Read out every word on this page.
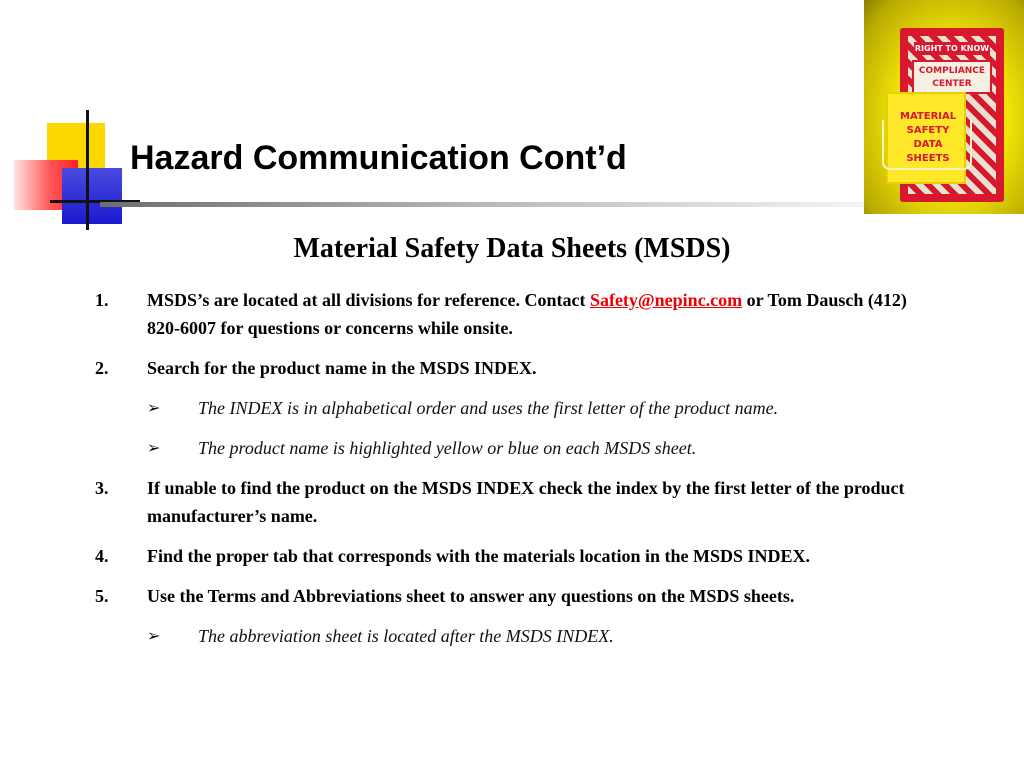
Hazard Communication Cont’d
RIGHT TO KNOW
COMPLIANCE CENTER
MATERIAL SAFETY DATA SHEETS
Material Safety Data Sheets (MSDS)
1. MSDS’s are located at all divisions for reference. Contact Safety@nepinc.com or Tom Dausch (412) 820-6007 for questions or concerns while onsite.
2. Search for the product name in the MSDS INDEX.
➢ The INDEX is in alphabetical order and uses the first letter of the product name.
➢ The product name is highlighted yellow or blue on each MSDS sheet.
3. If unable to find the product on the MSDS INDEX check the index by the first letter of the product manufacturer’s name.
4. Find the proper tab that corresponds with the materials location in the MSDS INDEX.
5. Use the Terms and Abbreviations sheet to answer any questions on the MSDS sheets.
➢ The abbreviation sheet is located after the MSDS INDEX.
